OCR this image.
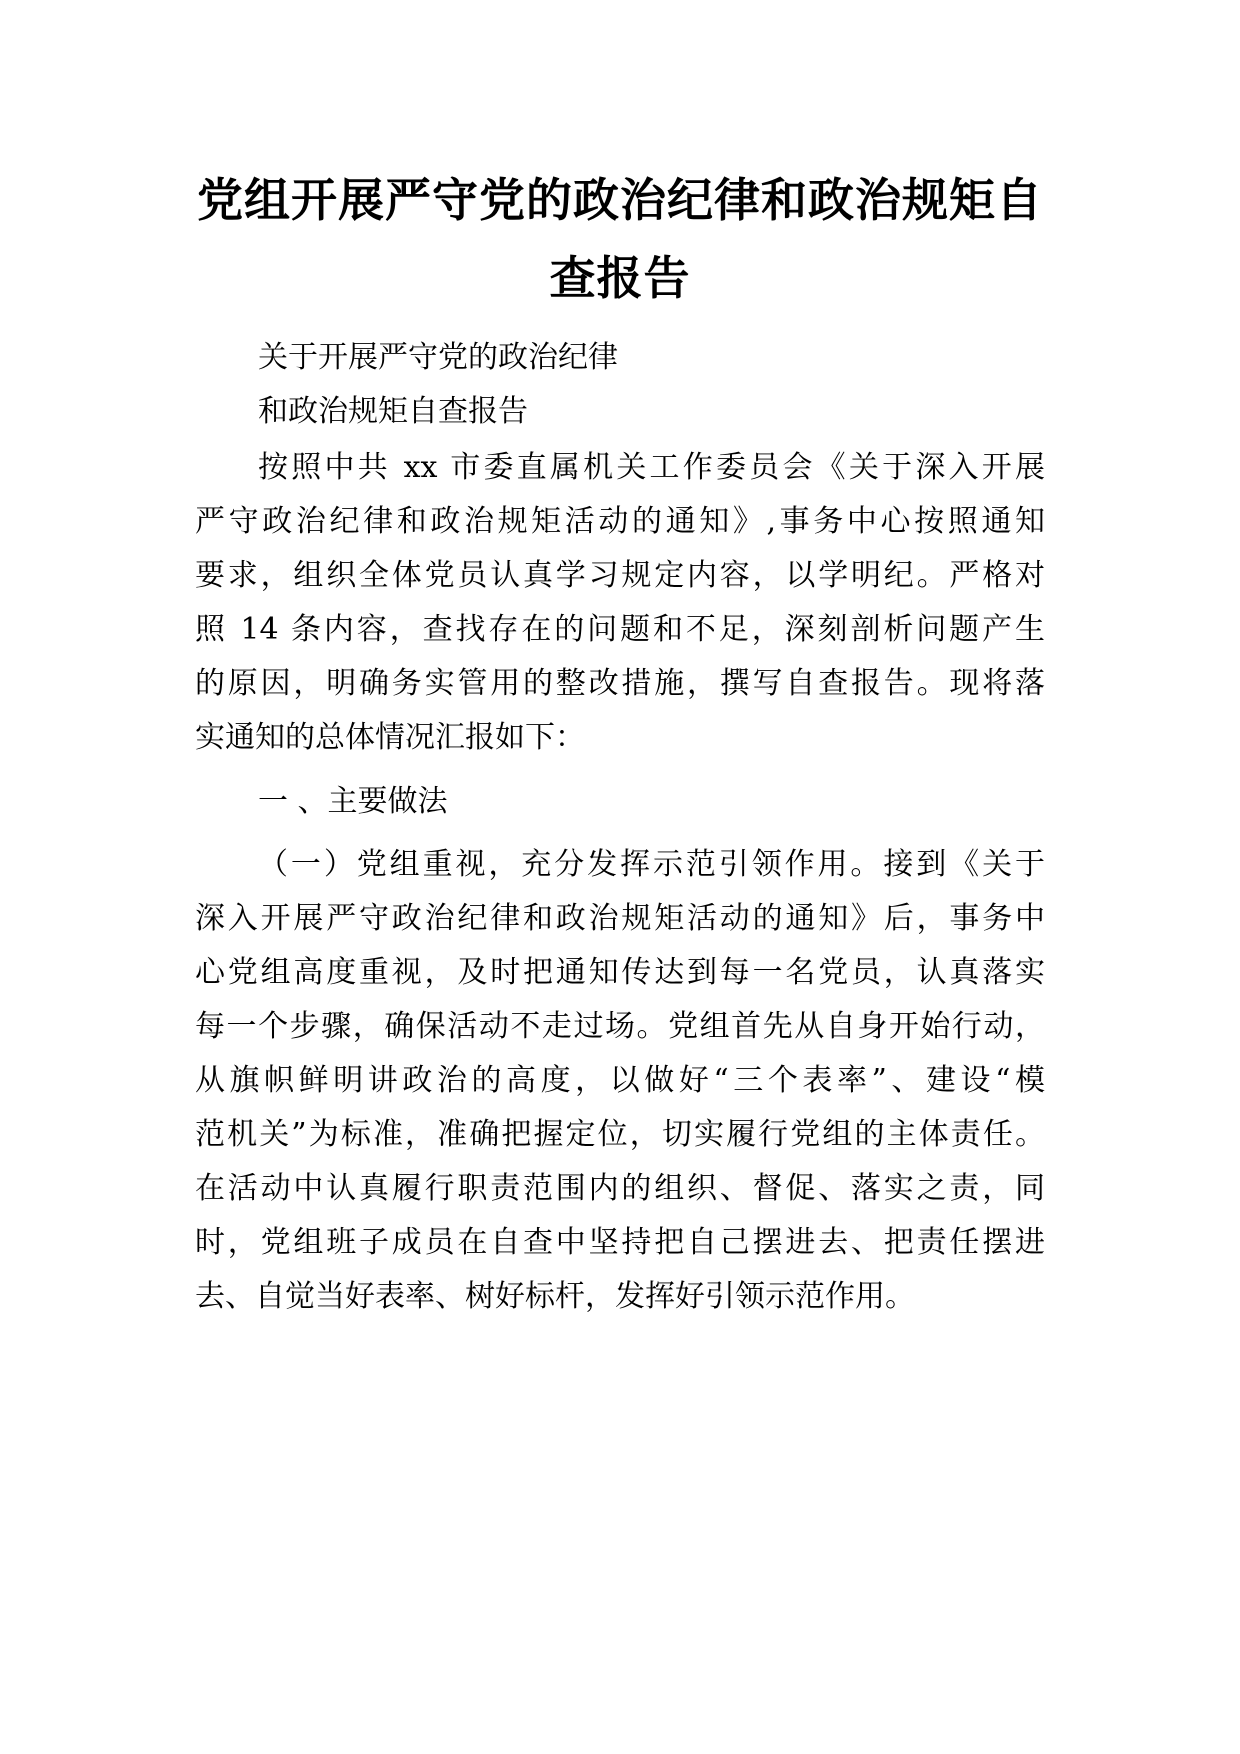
党组开展严守党的政治纪律和政治规矩自
查报告
关于开展严守党的政治纪律
和政治规矩自查报告
按照中共 xx 市委直属机关工作委员会《关于深入开展
严守政治纪律和政治规矩活动的通知》,事务中心按照通知
要求，组织全体党员认真学习规定内容，以学明纪。严格对
照 14 条内容，查找存在的问题和不足，深刻剖析问题产生
的原因，明确务实管用的整改措施，撰写自查报告。现将落
实通知的总体情况汇报如下：
一 、主要做法
（一）党组重视，充分发挥示范引领作用。接到《关于
深入开展严守政治纪律和政治规矩活动的通知》后，事务中
心党组高度重视，及时把通知传达到每一名党员，认真落实
每一个步骤，确保活动不走过场。党组首先从自身开始行动，
从旗帜鲜明讲政治的高度，以做好“三个表率”、建设“模
范机关”为标准，准确把握定位，切实履行党组的主体责任。
在活动中认真履行职责范围内的组织、督促、落实之责，同
时，党组班子成员在自查中坚持把自己摆进去、把责任摆进
去、自觉当好表率、树好标杆，发挥好引领示范作用。
